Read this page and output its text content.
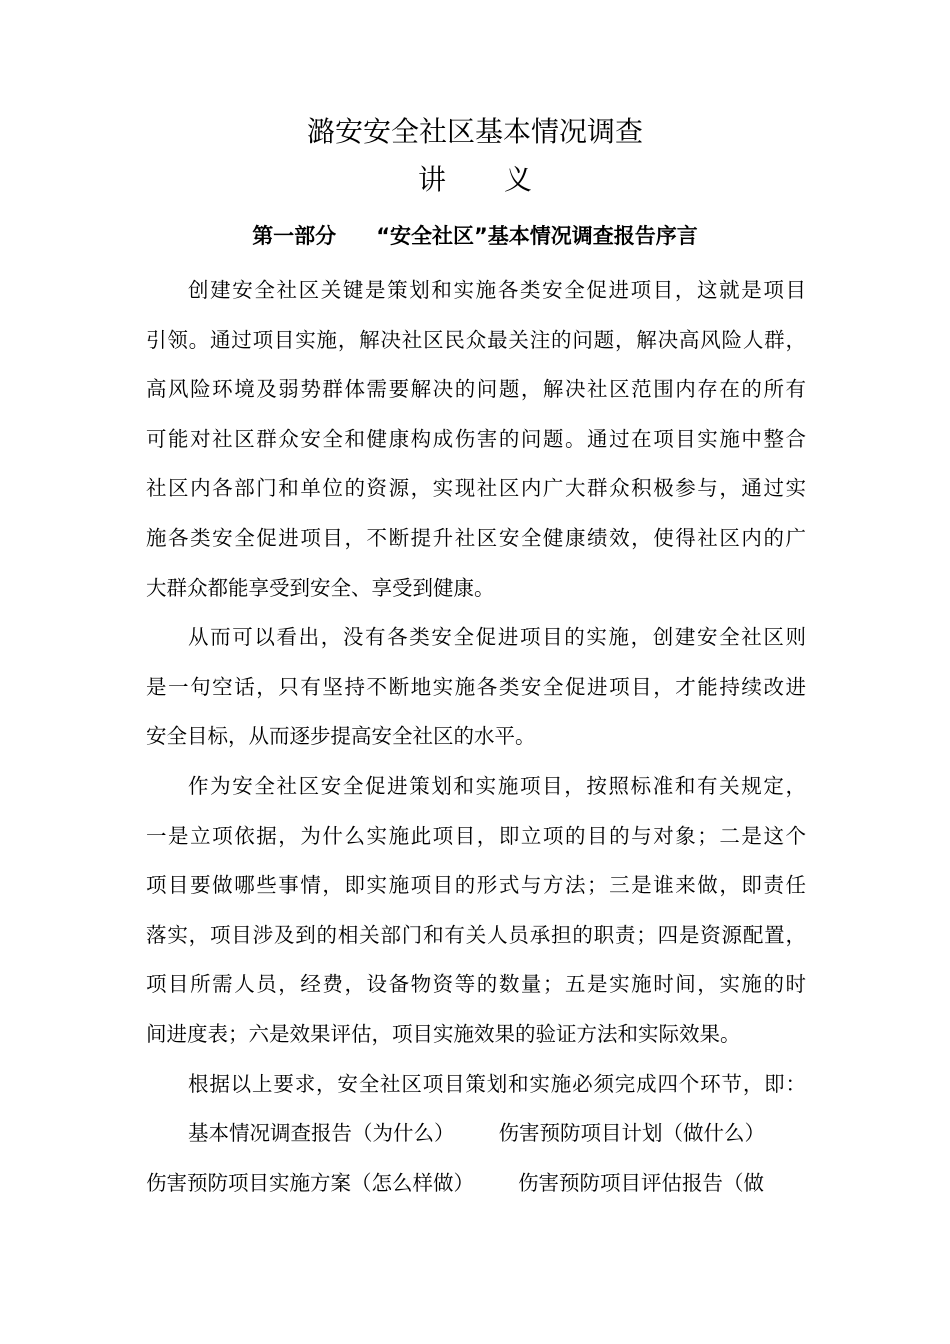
潞安安全社区基本情况调查
讲 义
第一部分 “安全社区”基本情况调查报告序言
创建安全社区关键是策划和实施各类安全促进项目，这就是项目
引领。通过项目实施，解决社区民众最关注的问题，解决高风险人群，
高风险环境及弱势群体需要解决的问题，解决社区范围内存在的所有
可能对社区群众安全和健康构成伤害的问题。通过在项目实施中整合
社区内各部门和单位的资源，实现社区内广大群众积极参与，通过实
施各类安全促进项目，不断提升社区安全健康绩效，使得社区内的广
大群众都能享受到安全、享受到健康。
从而可以看出，没有各类安全促进项目的实施，创建安全社区则
是一句空话，只有坚持不断地实施各类安全促进项目，才能持续改进
安全目标，从而逐步提高安全社区的水平。
作为安全社区安全促进策划和实施项目，按照标准和有关规定，
一是立项依据，为什么实施此项目，即立项的目的与对象；二是这个
项目要做哪些事情，即实施项目的形式与方法；三是谁来做，即责任
落实，项目涉及到的相关部门和有关人员承担的职责；四是资源配置，
项目所需人员，经费，设备物资等的数量；五是实施时间，实施的时
间进度表；六是效果评估，项目实施效果的验证方法和实际效果。
根据以上要求，安全社区项目策划和实施必须完成四个环节，即：
基本情况调查报告（为什么） 伤害预防项目计划（做什么）
伤害预防项目实施方案（怎么样做） 伤害预防项目评估报告（做
